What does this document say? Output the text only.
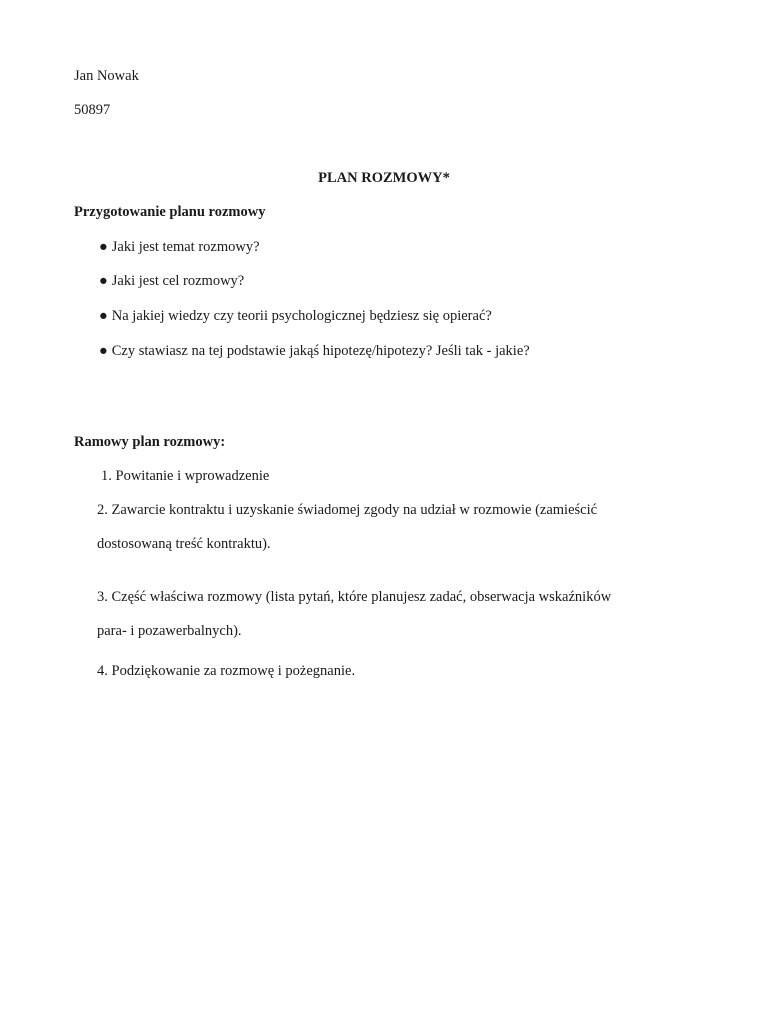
Jan Nowak
50897
PLAN ROZMOWY*
Przygotowanie planu rozmowy
● Jaki jest temat rozmowy?
● Jaki jest cel rozmowy?
● Na jakiej wiedzy czy teorii psychologicznej będziesz się opierać?
● Czy stawiasz na tej podstawie jakąś hipotezę/hipotezy? Jeśli tak - jakie?
Ramowy plan rozmowy:
1. Powitanie i wprowadzenie
2. Zawarcie kontraktu i uzyskanie świadomej zgody na udział w rozmowie (zamieścić
dostosowaną treść kontraktu).
3. Część właściwa rozmowy (lista pytań, które planujesz zadać, obserwacja wskaźników
para- i pozawerbalnych).
4. Podziękowanie za rozmowę i pożegnanie.
